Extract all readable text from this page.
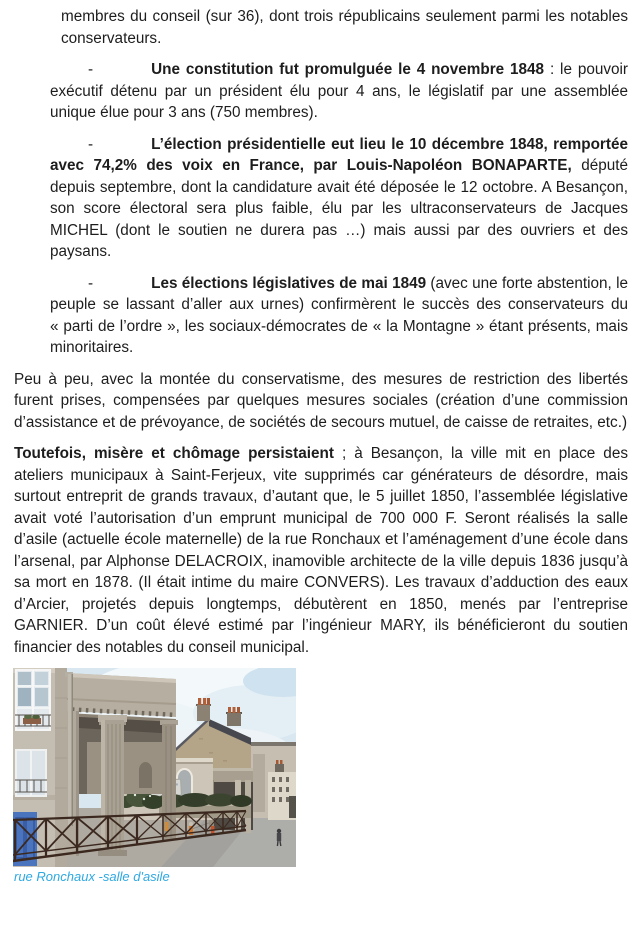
membres du conseil (sur 36), dont trois républicains seulement parmi les notables conservateurs.

-	Une constitution fut promulguée le 4 novembre 1848 : le pouvoir exécutif détenu par un président élu pour 4 ans, le législatif par une assemblée unique élue pour 3 ans (750 membres).

-	L’élection présidentielle eut lieu le 10 décembre 1848, remportée avec 74,2% des voix en France, par Louis-Napoléon BONAPARTE, député depuis septembre, dont la candidature avait été déposée le 12 octobre. A Besançon, son score électoral sera plus faible, élu par les ultraconservateurs de Jacques MICHEL (dont le soutien ne durera pas …) mais aussi par des ouvriers et des paysans.

-	Les élections législatives de mai 1849 (avec une forte abstention, le peuple se lassant d’aller aux urnes) confirmèrent le succès des conservateurs du « parti de l’ordre », les sociaux-démocrates de « la Montagne » étant présents, mais minoritaires.

Peu à peu, avec la montée du conservatisme, des mesures de restriction des libertés furent prises, compensées par quelques mesures sociales (création d’une commission d’assistance et de prévoyance, de sociétés de secours mutuel, de caisse de retraites, etc.)

Toutefois, misère et chômage persistaient ; à Besançon, la ville mit en place des ateliers municipaux à Saint-Ferjeux, vite supprimés car générateurs de désordre, mais surtout entreprit de grands travaux, d’autant que, le 5 juillet 1850, l’assemblée législative avait voté l’autorisation d’un emprunt municipal de 700 000 F. Seront réalisés la salle d’asile (actuelle école maternelle) de la rue Ronchaux et l’aménagement d’une école dans l’arsenal, par Alphonse DELACROIX, inamovible architecte de la ville depuis 1836 jusqu’à sa mort en 1878. (Il était intime du maire CONVERS). Les travaux d’adduction des eaux d’Arcier, projetés depuis longtemps, débutèrent en 1850, menés par l’entreprise GARNIER. D’un coût élevé estimé par l’ingénieur MARY, ils bénéficieront du soutien financier des notables du conseil municipal.

rue Ronchaux -salle d'asile
